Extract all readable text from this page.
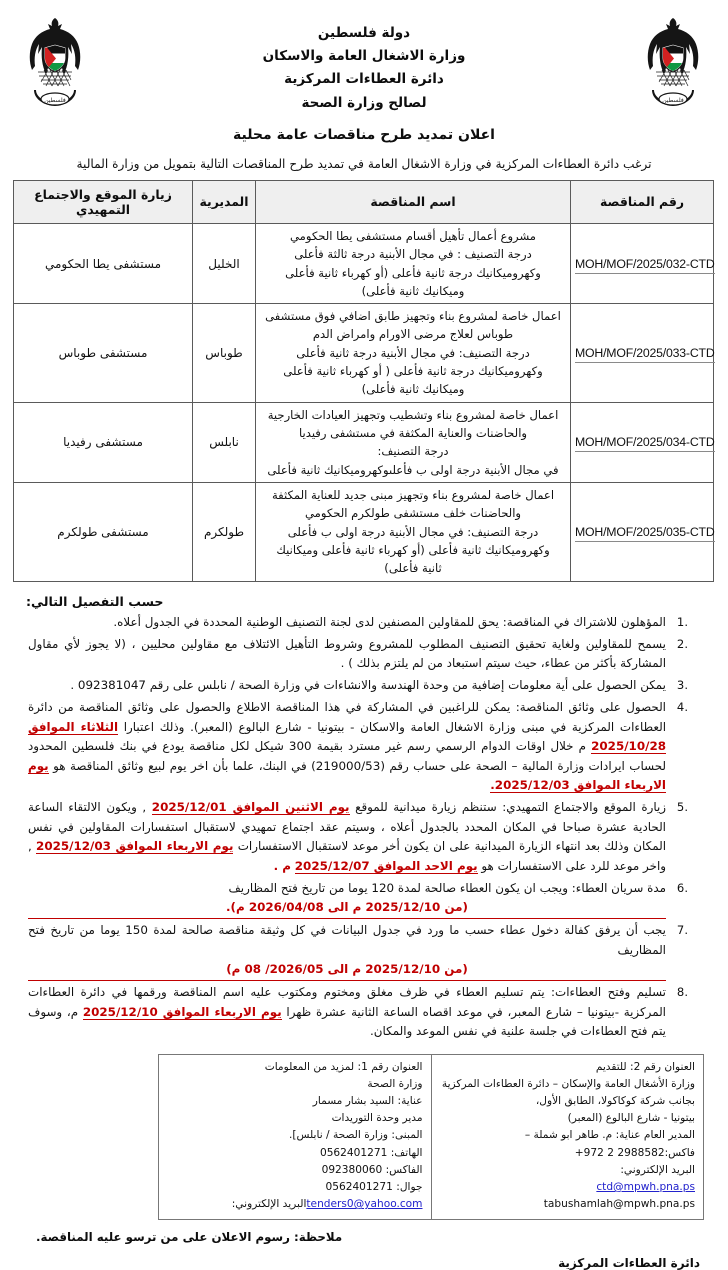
فلسطين
دولة فلسطين
وزارة الاشغال العامة والاسكان
دائرة العطاءات المركزية
لصالح وزارة الصحة
فلسطين
اعلان تمديد طرح مناقصات عامة محلية
ترغب دائرة العطاءات المركزية في وزارة الاشغال العامة في تمديد طرح المناقصات التالية بتمويل من وزارة المالية
رقم المناقصة	اسم المناقصة	المديرية	زيارة الموقع والاجتماع التمهيدي
MOH/MOF/2025/032-CTD	مشروع أعمال تأهيل أقسام مستشفى يطا الحكومي
درجة التصنيف : في مجال الأبنية درجة ثالثة فأعلى
وكهروميكانيك درجة ثانية فأعلى (أو كهرباء ثانية فأعلى
وميكانيك ثانية فأعلى)	الخليل	مستشفى يطا الحكومي
MOH/MOF/2025/033-CTD	اعمال خاصة لمشروع بناء وتجهيز طابق اضافي فوق مستشفى
طوباس لعلاج مرضى الاورام وامراض الدم
درجة التصنيف: في مجال الأبنية درجة ثانية فأعلى
وكهروميكانيك درجة ثانية فأعلى ( أو كهرباء ثانية فأعلى
وميكانيك ثانية فأعلى)	طوباس	مستشفى طوباس
MOH/MOF/2025/034-CTD	اعمال خاصة لمشروع بناء وتشطيب وتجهيز العيادات الخارجية
والحاضنات والعناية المكثفة في مستشفى رفيديا
درجة التصنيف:
في مجال الأبنية درجة اولى ب فأعلىوكهروميكانيك ثانية فأعلى	نابلس	مستشفى رفيديا
MOH/MOF/2025/035-CTD	اعمال خاصة لمشروع بناء وتجهيز مبنى جديد للعناية المكثفة
والحاضنات خلف مستشفى طولكرم الحكومي
درجة التصنيف: في مجال الأبنية درجة اولى ب فأعلى
وكهروميكانيك ثانية فأعلى (أو كهرباء ثانية فأعلى وميكانيك
ثانية فأعلى)	طولكرم	مستشفى طولكرم
حسب التفصيل التالي:
المؤهلون للاشتراك في المناقصة: يحق للمقاولين المصنفين لدى لجنة التصنيف الوطنية المحددة في الجدول أعلاه.
يسمح للمقاولين ولغاية تحقيق التصنيف المطلوب للمشروع وشروط التأهيل الائتلاف مع مقاولين محليين ، (لا يجوز لأي مقاول المشاركة بأكثر من عطاء، حيث سيتم استبعاد من لم يلتزم بذلك ) .
يمكن الحصول على أية معلومات إضافية من وحدة الهندسة والانشاءات في وزارة الصحة / نابلس على رقم 092381047 .
الحصول على وثائق المناقصة: يمكن للراغبين في المشاركة في هذا المناقصة الاطلاع والحصول على وثائق المناقصة من دائرة العطاءات المركزية في مبنى وزارة الاشغال العامة والاسكان - بيتونيا - شارع البالوع (المعبر). وذلك اعتبارا الثلاثاء الموافق 2025/10/28 م خلال اوقات الدوام الرسمي رسم غير مسترد بقيمة 300 شيكل لكل مناقصة يودع في بنك فلسطين المحدود لحساب ايرادات وزارة المالية – الصحة على حساب رقم (219000/53) في البنك، علما بأن اخر يوم لبيع وثائق المناقصة هو يوم الاربعاء الموافق 2025/12/03.
زيارة الموقع والاجتماع التمهيدي: ستنظم زيارة ميدانية للموقع يوم الاثنين الموافق 2025/12/01 , ويكون الالتقاء الساعة الحادية عشرة صباحا في المكان المحدد بالجدول أعلاه ، وسيتم عقد اجتماع تمهيدي لاستقبال استفسارات المقاولين في نفس المكان وذلك بعد انتهاء الزيارة الميدانية على ان يكون أخر موعد لاستقبال الاستفسارات يوم الاربعاء الموافق 2025/12/03 , واخر موعد للرد على الاستفسارات هو يوم الاحد الموافق 2025/12/07 م .
مدة سريان العطاء: ويجب ان يكون العطاء صالحة لمدة 120 يوما من تاريخ فتح المظاريف
(من 2025/12/10 م الى 2026/04/08 م).
يجب أن يرفق كفالة دخول عطاء حسب ما ورد في جدول البيانات في كل وثيقة مناقصة صالحة لمدة 150 يوما من تاريخ فتح المظاريف
(من 2025/12/10 م الى 2026/05/ 08 م)
تسليم وفتح العطاءات: يتم تسليم العطاء في ظرف مغلق ومختوم ومكتوب عليه اسم المناقصة ورقمها في دائرة العطاءات المركزية -بيتونيا – شارع المعبر، في موعد اقصاه الساعة الثانية عشرة ظهرا يوم الاربعاء الموافق 2025/12/10 م، وسوف يتم فتح العطاءات في جلسة علنية في نفس الموعد والمكان.
العنوان رقم 2: للتقديم
وزارة الأشغال العامة والإسكان – دائرة العطاءات المركزية
بجانب شركة كوكاكولا، الطابق الأول،
بيتونيا - شارع البالوع (المعبر)
المدير العام عناية: م. طاهر ابو شملة –
فاكس:2988582 2 972+
البريد الإلكتروني:
ctd@mpwh.pna.ps
tabushamlah@mpwh.pna.ps

العنوان رقم 1: لمزيد من المعلومات
وزارة الصحة
عناية: السيد بشار مسمار
مدير وحدة التوريدات
المبنى: وزارة الصحة / نابلس].
الهاتف: 0562401271
الفاكس: 092380060
جوال: 0562401271
tenders0@yahoo.comالبريد الإلكتروني:
ملاحظة: رسوم الاعلان على من ترسو عليه المناقصة.
دائرة العطاءات المركزية
